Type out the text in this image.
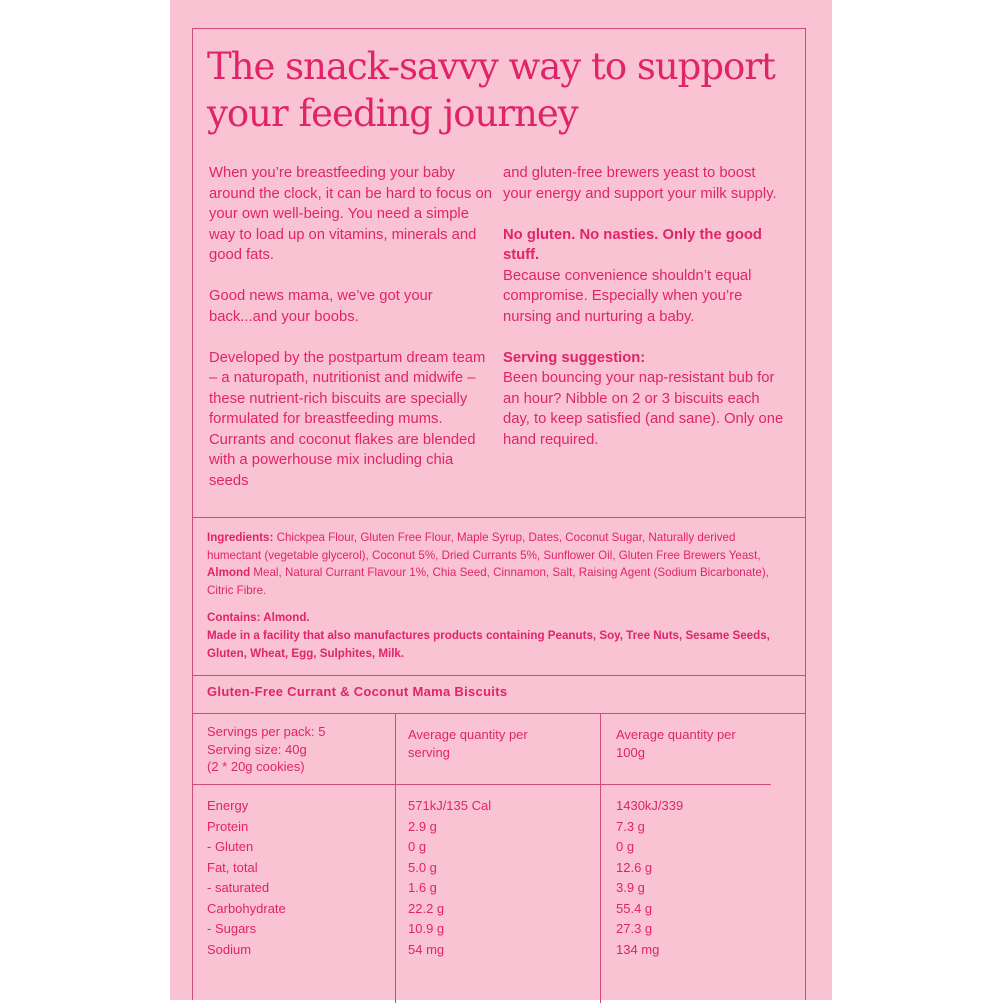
The snack-savvy way to support your feeding journey

When you’re breastfeeding your baby around the clock, it can be hard to focus on your own well-being. You need a simple way to load up on vitamins, minerals and good fats.

Good news mama, we’ve got your back...and your boobs.

Developed by the postpartum dream team – a naturopath, nutritionist and midwife – these nutrient-rich biscuits are specially formulated for breastfeeding mums. Currants and coconut flakes are blended with a powerhouse mix including chia seeds

and gluten-free brewers yeast to boost your energy and support your milk supply.

No gluten. No nasties. Only the good stuff.
Because convenience shouldn’t equal compromise. Especially when you’re nursing and nurturing a baby.

Serving suggestion:
Been bouncing your nap-resistant bub for an hour? Nibble on 2 or 3 biscuits each day, to keep satisfied (and sane). Only one hand required.

Ingredients: Chickpea Flour, Gluten Free Flour, Maple Syrup, Dates, Coconut Sugar, Naturally derived humectant (vegetable glycerol), Coconut 5%, Dried Currants 5%, Sunflower Oil, Gluten Free Brewers Yeast, Almond Meal, Natural Currant Flavour 1%, Chia Seed, Cinnamon, Salt, Raising Agent (Sodium Bicarbonate), Citric Fibre.

Contains: Almond.

Made in a facility that also manufactures products containing Peanuts, Soy, Tree Nuts, Sesame Seeds, Gluten, Wheat, Egg, Sulphites, Milk.

Gluten-Free Currant & Coconut Mama Biscuits
Servings per pack: 5
Serving size: 40g
(2 * 20g cookies)
Average quantity per serving
Average quantity per 100g
Energy
Protein
- Gluten
Fat, total
- saturated
Carbohydrate
- Sugars
Sodium
571kJ/135 Cal
2.9 g
0 g
5.0 g
1.6 g
22.2 g
10.9 g
54 mg
1430kJ/339
7.3 g
0 g
12.6 g
3.9 g
55.4 g
27.3 g
134 mg
